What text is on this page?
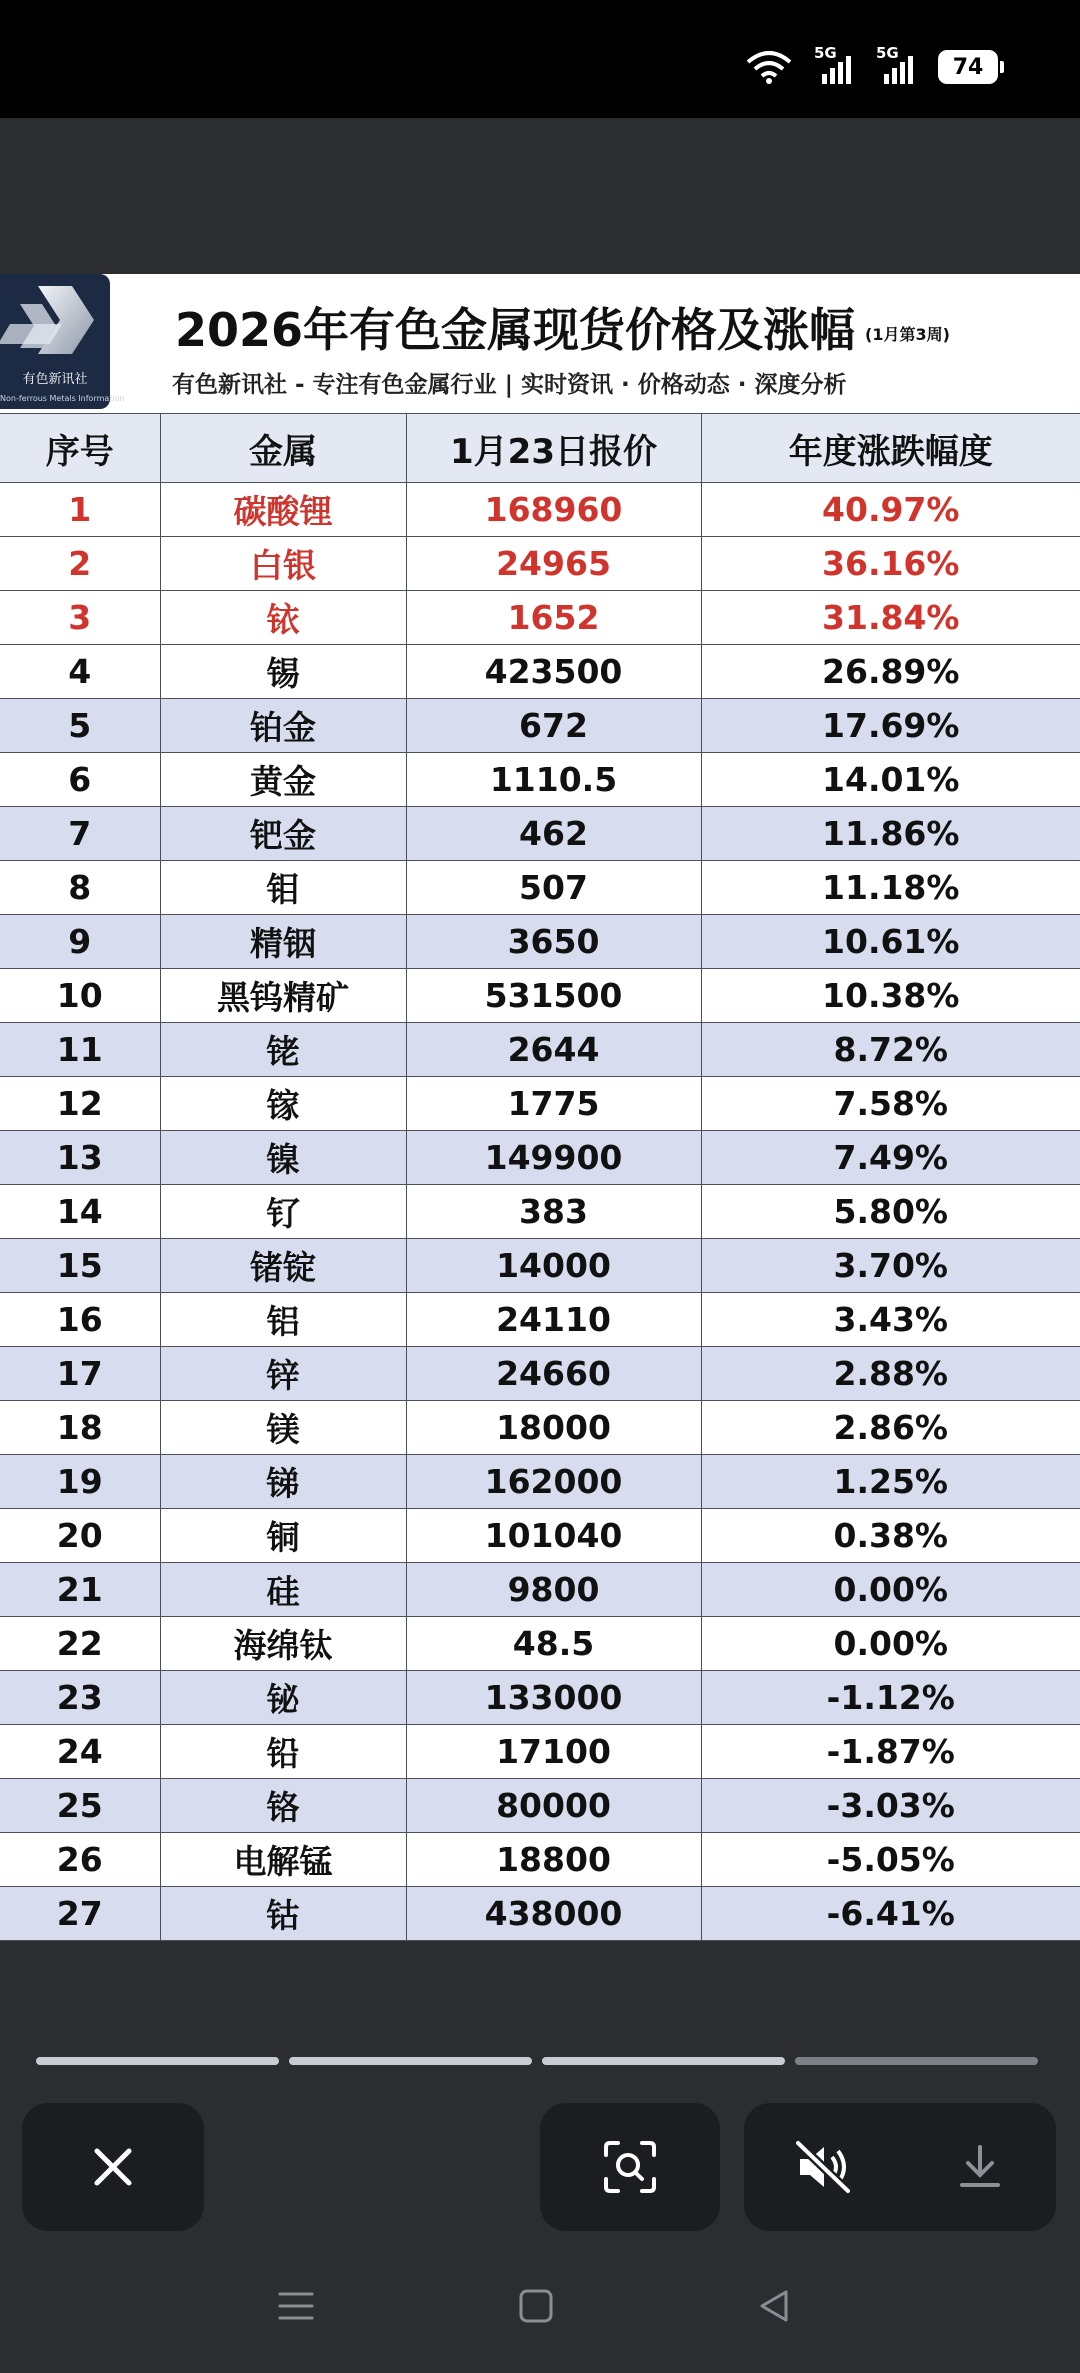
5G	5G
74
有色新讯社
Non-ferrous Metals Information
2026年有色金属现货价格及涨幅 (1月第3周)
有色新讯社 - 专注有色金属行业 | 实时资讯 · 价格动态 · 深度分析
序号	金属	1月23日报价	年度涨跌幅度
1	碳酸锂	168960	40.97%
2	白银	24965	36.16%
3	铱	1652	31.84%
4	锡	423500	26.89%
5	铂金	672	17.69%
6	黄金	1110.5	14.01%
7	钯金	462	11.86%
8	钼	507	11.18%
9	精铟	3650	10.61%
10	黑钨精矿	531500	10.38%
11	铑	2644	8.72%
12	镓	1775	7.58%
13	镍	149900	7.49%
14	钌	383	5.80%
15	锗锭	14000	3.70%
16	铝	24110	3.43%
17	锌	24660	2.88%
18	镁	18000	2.86%
19	锑	162000	1.25%
20	铜	101040	0.38%
21	硅	9800	0.00%
22	海绵钛	48.5	0.00%
23	铋	133000	-1.12%
24	铅	17100	-1.87%
25	铬	80000	-3.03%
26	电解锰	18800	-5.05%
27	钴	438000	-6.41%
